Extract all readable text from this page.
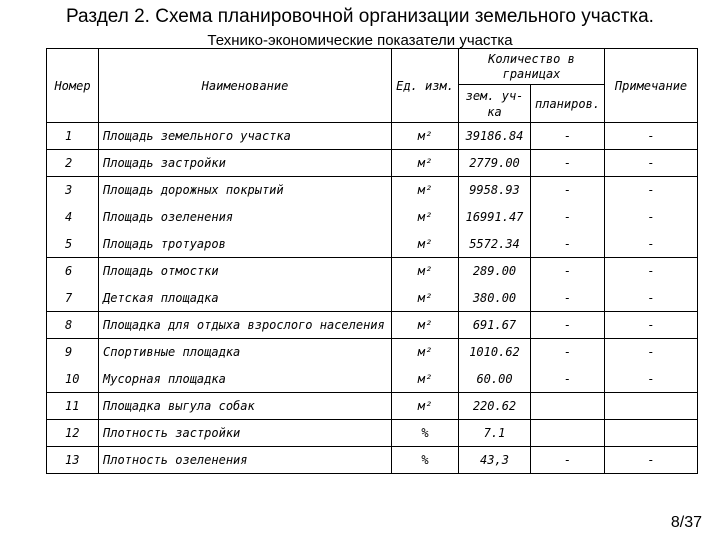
Раздел 2. Схема планировочной организации земельного участка.
Технико-экономические показатели участка
Номер	Наименование	Ед. изм.	Количество в границах		Примечание
			зем. уч-ка	планиров.	
1	Площадь земельного участка	м²	39186.84	-	-
2	Площадь застройки	м²	2779.00	-	-
3	Площадь дорожных покрытий	м²	9958.93	-	-
4	Площадь озеленения	м²	16991.47	-	-
5	Площадь тротуаров	м²	5572.34	-	-
6	Площадь отмостки	м²	289.00	-	-
7	Детская площадка	м²	380.00	-	-
8	Площадка для отдыха взрослого населения	м²	691.67	-	-
9	Спортивные площадка	м²	1010.62	-	-
10	Мусорная площадка	м²	60.00	-	-
11	Площадка выгула собак	м²	220.62		
12	Плотность застройки	%	7.1		
13	Плотность озеленения	%	43,3	-	-
8/37
